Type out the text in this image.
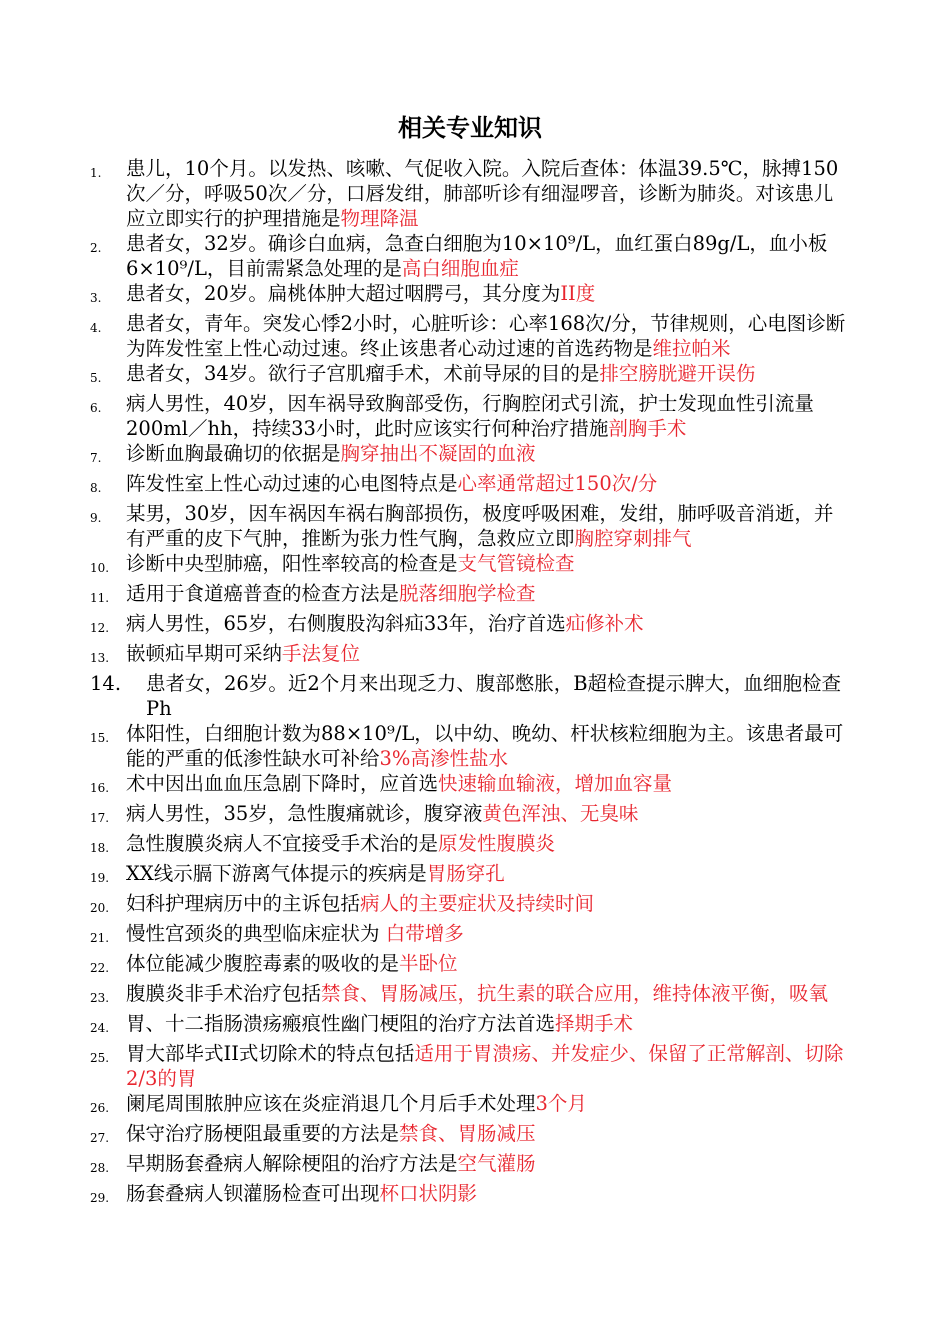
相关专业知识
1.	患儿，10个月。以发热、咳嗽、气促收入院。入院后查体：体温39.5℃，脉搏150次／分，呼吸50次／分，口唇发绀，肺部听诊有细湿啰音，诊断为肺炎。对该患儿应立即实行的护理措施是物理降温
2.	患者女，32岁。确诊白血病，急查白细胞为10×10⁹/L，血红蛋白89g/L，血小板6×10⁹/L，目前需紧急处理的是高白细胞血症
3.	患者女，20岁。扁桃体肿大超过咽腭弓，其分度为II度
4.	患者女，青年。突发心悸2小时，心脏听诊：心率168次/分，节律规则，心电图诊断为阵发性室上性心动过速。终止该患者心动过速的首选药物是维拉帕米
5.	患者女，34岁。欲行子宫肌瘤手术，术前导尿的目的是排空膀胱避开误伤
6.	病人男性，40岁，因车祸导致胸部受伤，行胸腔闭式引流，护士发现血性引流量200ml／hh，持续33小时，此时应该实行何种治疗措施剖胸手术
7.	诊断血胸最确切的依据是胸穿抽出不凝固的血液
8.	阵发性室上性心动过速的心电图特点是心率通常超过150次/分
9.	某男，30岁，因车祸因车祸右胸部损伤，极度呼吸困难，发绀，肺呼吸音消逝，并有严重的皮下气肿，推断为张力性气胸，急救应立即胸腔穿刺排气
10. 诊断中央型肺癌，阳性率较高的检查是支气管镜检查
11. 适用于食道癌普查的检查方法是脱落细胞学检查
12. 病人男性，65岁，右侧腹股沟斜疝33年，治疗首选疝修补术
13. 嵌顿疝早期可采纳手法复位
14.	患者女，26岁。近2个月来出现乏力、腹部憋胀，B超检查提示脾大，血细胞检查Ph
15. 体阳性，白细胞计数为88×10⁹/L，以中幼、晚幼、杆状核粒细胞为主。该患者最可能的严重的低渗性缺水可补给3%高渗性盐水
16. 术中因出血血压急剧下降时，应首选快速输血输液，增加血容量
17. 病人男性，35岁，急性腹痛就诊，腹穿液黄色浑浊、无臭味
18. 急性腹膜炎病人不宜接受手术治的是原发性腹膜炎
19. XX线示膈下游离气体提示的疾病是胃肠穿孔
20. 妇科护理病历中的主诉包括病人的主要症状及持续时间
21. 慢性宫颈炎的典型临床症状为 白带增多
22. 体位能减少腹腔毒素的吸收的是半卧位
23. 腹膜炎非手术治疗包括禁食、胃肠减压，抗生素的联合应用，维持体液平衡，吸氧
24. 胃、十二指肠溃疡瘢痕性幽门梗阻的治疗方法首选择期手术
25. 胃大部毕式II式切除术的特点包括适用于胃溃疡、并发症少、保留了正常解剖、切除2/3的胃
26. 阑尾周围脓肿应该在炎症消退几个月后手术处理3个月
27. 保守治疗肠梗阻最重要的方法是禁食、胃肠减压
28. 早期肠套叠病人解除梗阻的治疗方法是空气灌肠
29. 肠套叠病人钡灌肠检查可出现杯口状阴影
